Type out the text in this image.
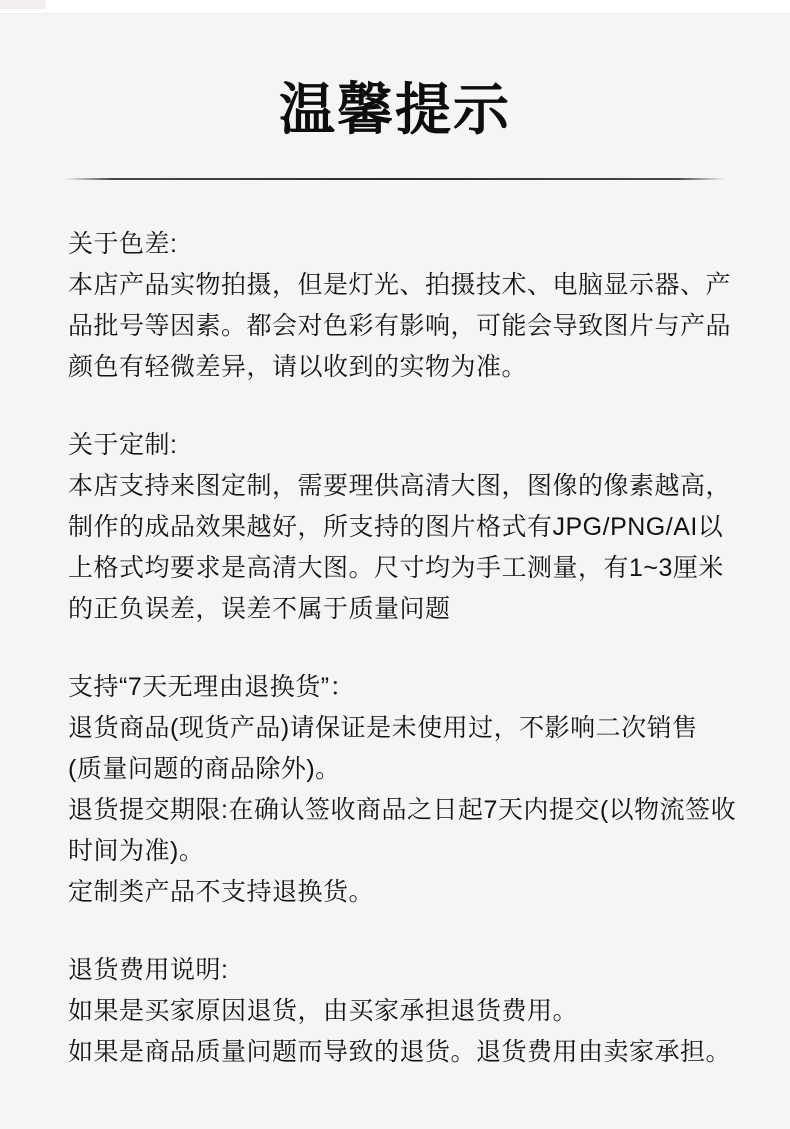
温馨提示
关于色差:
本店产品实物拍摄，但是灯光、拍摄技术、电脑显示器、产
品批号等因素。都会对色彩有影响，可能会导致图片与产品
颜色有轻微差异，请以收到的实物为准。
关于定制:
本店支持来图定制，需要理供高清大图，图像的像素越高，
制作的成品效果越好，所支持的图片格式有JPG/PNG/AI以
上格式均要求是高清大图。尺寸均为手工测量，有1~3厘米
的正负误差，误差不属于质量问题
支持“7天无理由退换货”：
退货商品(现货产品)请保证是未使用过，不影响二次销售
(质量问题的商品除外)。
退货提交期限:在确认签收商品之日起7天内提交(以物流签收
时间为准)。
定制类产品不支持退换货。
退货费用说明:
如果是买家原因退货，由买家承担退货费用。
如果是商品质量问题而导致的退货。退货费用由卖家承担。
